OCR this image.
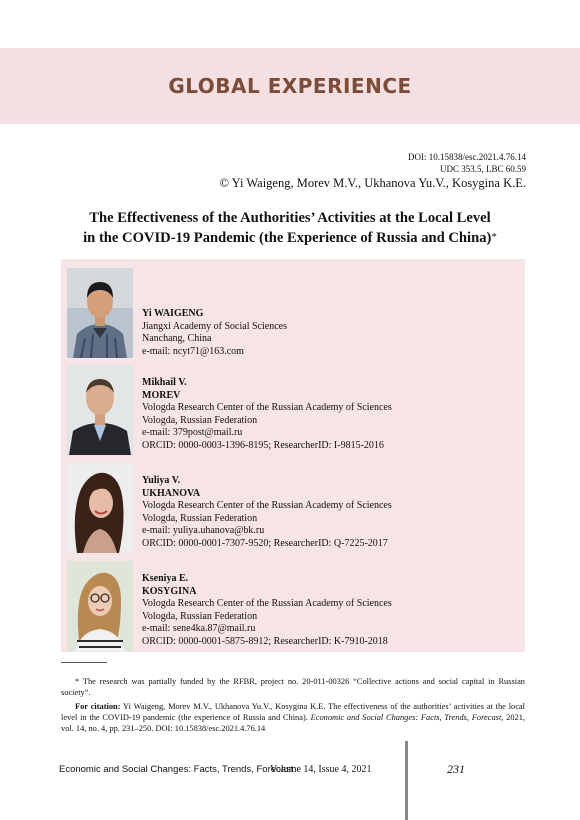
GLOBAL EXPERIENCE
DOI: 10.15838/esc.2021.4.76.14
UDC 353.5, LBC 60.59
© Yi Waigeng, Morev M.V., Ukhanova Yu.V., Kosygina K.E.
The Effectiveness of the Authorities’ Activities at the Local Level
in the COVID-19 Pandemic (the Experience of Russia and China)*
Yi WAIGENG
Jiangxi Academy of Social Sciences
Nanchang, China
e-mail: ncyt71@163.com
Mikhail V.
MOREV
Vologda Research Center of the Russian Academy of Sciences
Vologda, Russian Federation
e-mail: 379post@mail.ru
ORCID: 0000-0003-1396-8195; ResearcherID: I-9815-2016
Yuliya V.
UKHANOVA
Vologda Research Center of the Russian Academy of Sciences
Vologda, Russian Federation
e-mail: yuliya.uhanova@bk.ru
ORCID: 0000-0001-7307-9520; ResearcherID: Q-7225-2017
Kseniya E.
KOSYGINA
Vologda Research Center of the Russian Academy of Sciences
Vologda, Russian Federation
e-mail: sene4ka.87@mail.ru
ORCID: 0000-0001-5875-8912; ResearcherID: K-7910-2018
* The research was partially funded by the RFBR, project no. 20-011-00326 “Collective actions and social capital in Russian society”.
For citation: Yi Waigeng, Morev M.V., Ukhanova Yu.V., Kosygina K.E. The effectiveness of the authorities’ activities at the local level in the COVID-19 pandemic (the experience of Russia and China). Economic and Social Changes: Facts, Trends, Forecast, 2021, vol. 14, no. 4, pp. 231–250. DOI: 10.15838/esc.2021.4.76.14
Economic and Social Changes: Facts, Trends, Forecast
Volume 14, Issue 4, 2021	231
